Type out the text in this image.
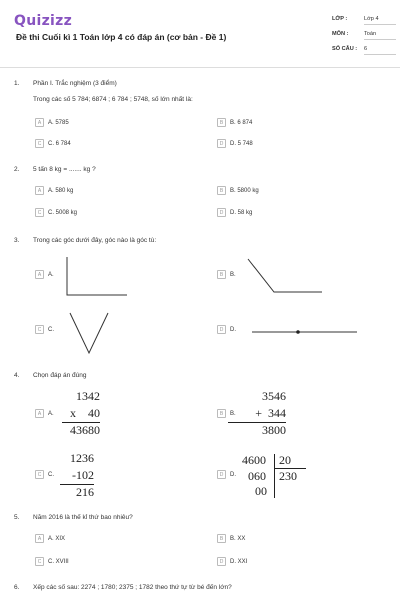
Quizizz
Đề thi Cuối kì 1 Toán lớp 4 có đáp án (cơ bản - Đề 1)
LỚP :	Lớp 4
MÔN :	Toán
SỐ CÂU : 6
1. Phần I. Trắc nghiệm (3 điểm)
Trong các số 5 784; 6874 ; 6 784 ; 5748, số lớn nhất là:
A	A. 5785	B	B. 6 874
C	C. 6 784	D	D. 5 748
2. 5 tấn 8 kg = ....... kg ?
A	A. 580 kg	B	B. 5800 kg
C	C. 5008 kg	D	D. 58 kg
3. Trong các góc dưới đây, góc nào là góc tù:
A	A.	B	B.
C	C.	D	D.
4. Chọn đáp án đúng
A	A.
1342
x    40
43680
B	B.
3546
+  344
3800
C	C.
1236
-102
216
D	D.
4600
060
00
20
230
5. Năm 2016 là thế kỉ thứ bao nhiêu?
A	A. XIX	B	B. XX
C	C. XVIII	D	D. XXI
6. Xếp các số sau: 2274 ; 1780; 2375 ; 1782 theo thứ tự từ bé đến lớn?
